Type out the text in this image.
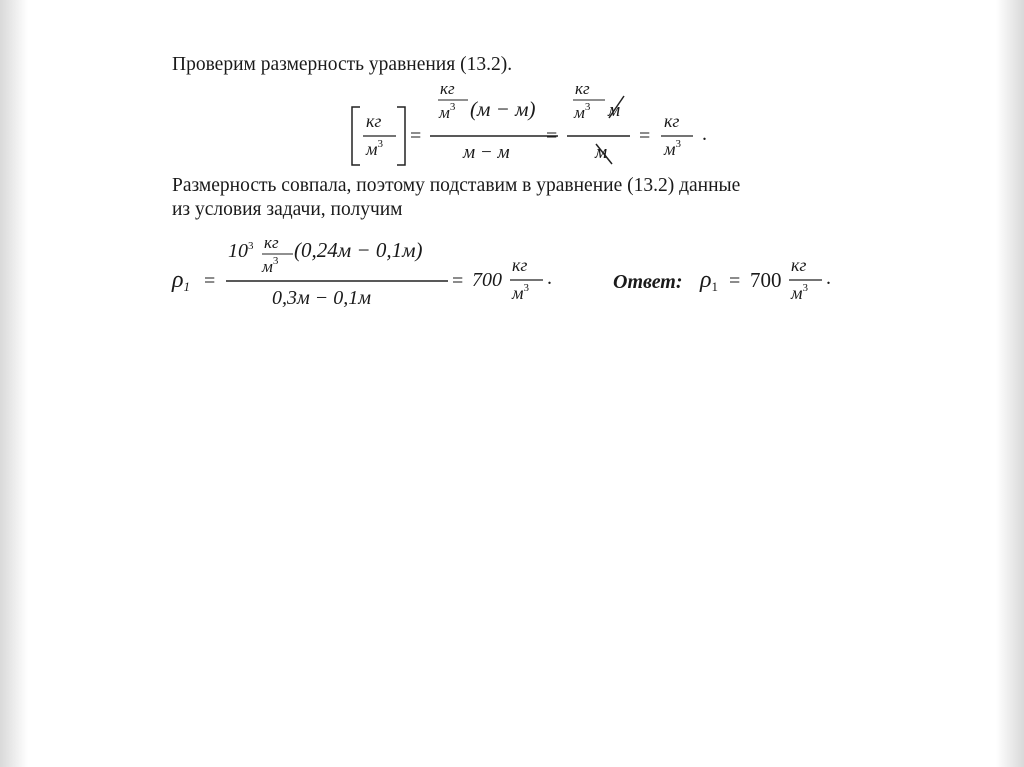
Проверим размерность уравнения (13.2).
Размерность совпала, поэтому подставим в уравнение (13.2) данные
из условия задачи, получим
кг
$м^3$ =
кг
$м^3$ (м − м)
м − м
=
кг
$м^3$ м
м
=
кг
$м^3$ .
ρ1 =
$10^3$ кг
$м^3$ (0,24м − 0,1м)
0,3м − 0,1м
= 700
кг
$м^3$ .	Ответ: ρ1 = 700
кг
$м^3$ .
